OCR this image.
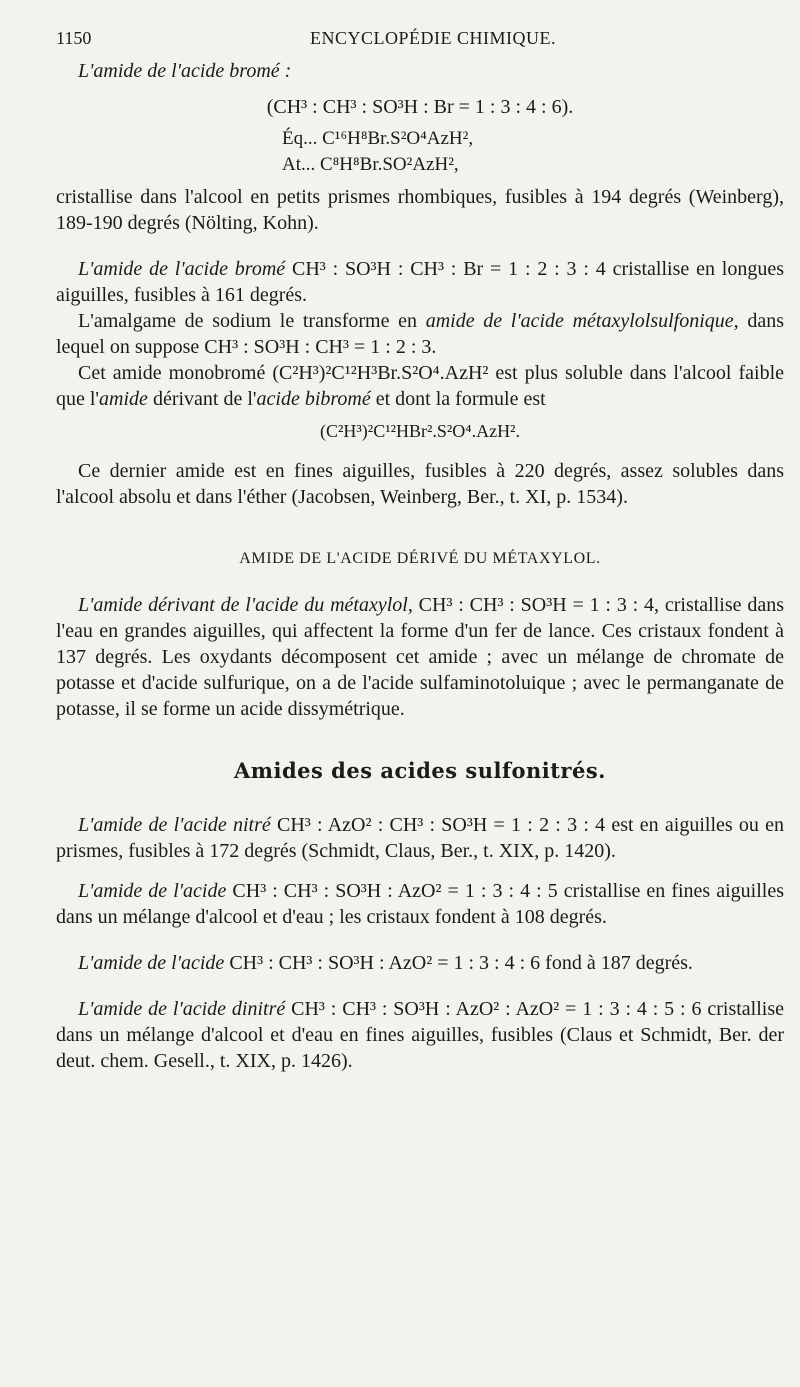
1150	ENCYCLOPÉDIE CHIMIQUE.

L'amide de l'acide bromé :

(CH³ : CH³ : SO³H : Br = 1 : 3 : 4 : 6).

Éq... C¹⁶H⁸Br.S²O⁴AzH²,
At... C⁸H⁸Br.SO²AzH²,

cristallise dans l'alcool en petits prismes rhombiques, fusibles à 194 degrés (Weinberg), 189-190 degrés (Nölting, Kohn).

L'amide de l'acide bromé CH³ : SO³H : CH³ : Br = 1 : 2 : 3 : 4 cristallise en longues aiguilles, fusibles à 161 degrés.

L'amalgame de sodium le transforme en amide de l'acide métaxylolsulfonique, dans lequel on suppose CH³ : SO³H : CH³ = 1 : 2 : 3.

Cet amide monobromé (C²H³)²C¹²H³Br.S²O⁴.AzH² est plus soluble dans l'alcool faible que l'amide dérivant de l'acide bibromé et dont la formule est

(C²H³)²C¹²HBr².S²O⁴.AzH².

Ce dernier amide est en fines aiguilles, fusibles à 220 degrés, assez solubles dans l'alcool absolu et dans l'éther (Jacobsen, Weinberg, Ber., t. XI, p. 1534).

AMIDE DE L'ACIDE DÉRIVÉ DU MÉTAXYLOL.

L'amide dérivant de l'acide du métaxylol, CH³ : CH³ : SO³H = 1 : 3 : 4, cristallise dans l'eau en grandes aiguilles, qui affectent la forme d'un fer de lance. Ces cristaux fondent à 137 degrés. Les oxydants décomposent cet amide ; avec un mélange de chromate de potasse et d'acide sulfurique, on a de l'acide sulfaminotoluique ; avec le permanganate de potasse, il se forme un acide dissymétrique.

Amides des acides sulfonitrés.

L'amide de l'acide nitré CH³ : AzO² : CH³ : SO³H = 1 : 2 : 3 : 4 est en aiguilles ou en prismes, fusibles à 172 degrés (Schmidt, Claus, Ber., t. XIX, p. 1420).

L'amide de l'acide CH³ : CH³ : SO³H : AzO² = 1 : 3 : 4 : 5 cristallise en fines aiguilles dans un mélange d'alcool et d'eau ; les cristaux fondent à 108 degrés.

L'amide de l'acide CH³ : CH³ : SO³H : AzO² = 1 : 3 : 4 : 6 fond à 187 degrés.

L'amide de l'acide dinitré CH³ : CH³ : SO³H : AzO² : AzO² = 1 : 3 : 4 : 5 : 6 cristallise dans un mélange d'alcool et d'eau en fines aiguilles, fusibles (Claus et Schmidt, Ber. der deut. chem. Gesell., t. XIX, p. 1426).
